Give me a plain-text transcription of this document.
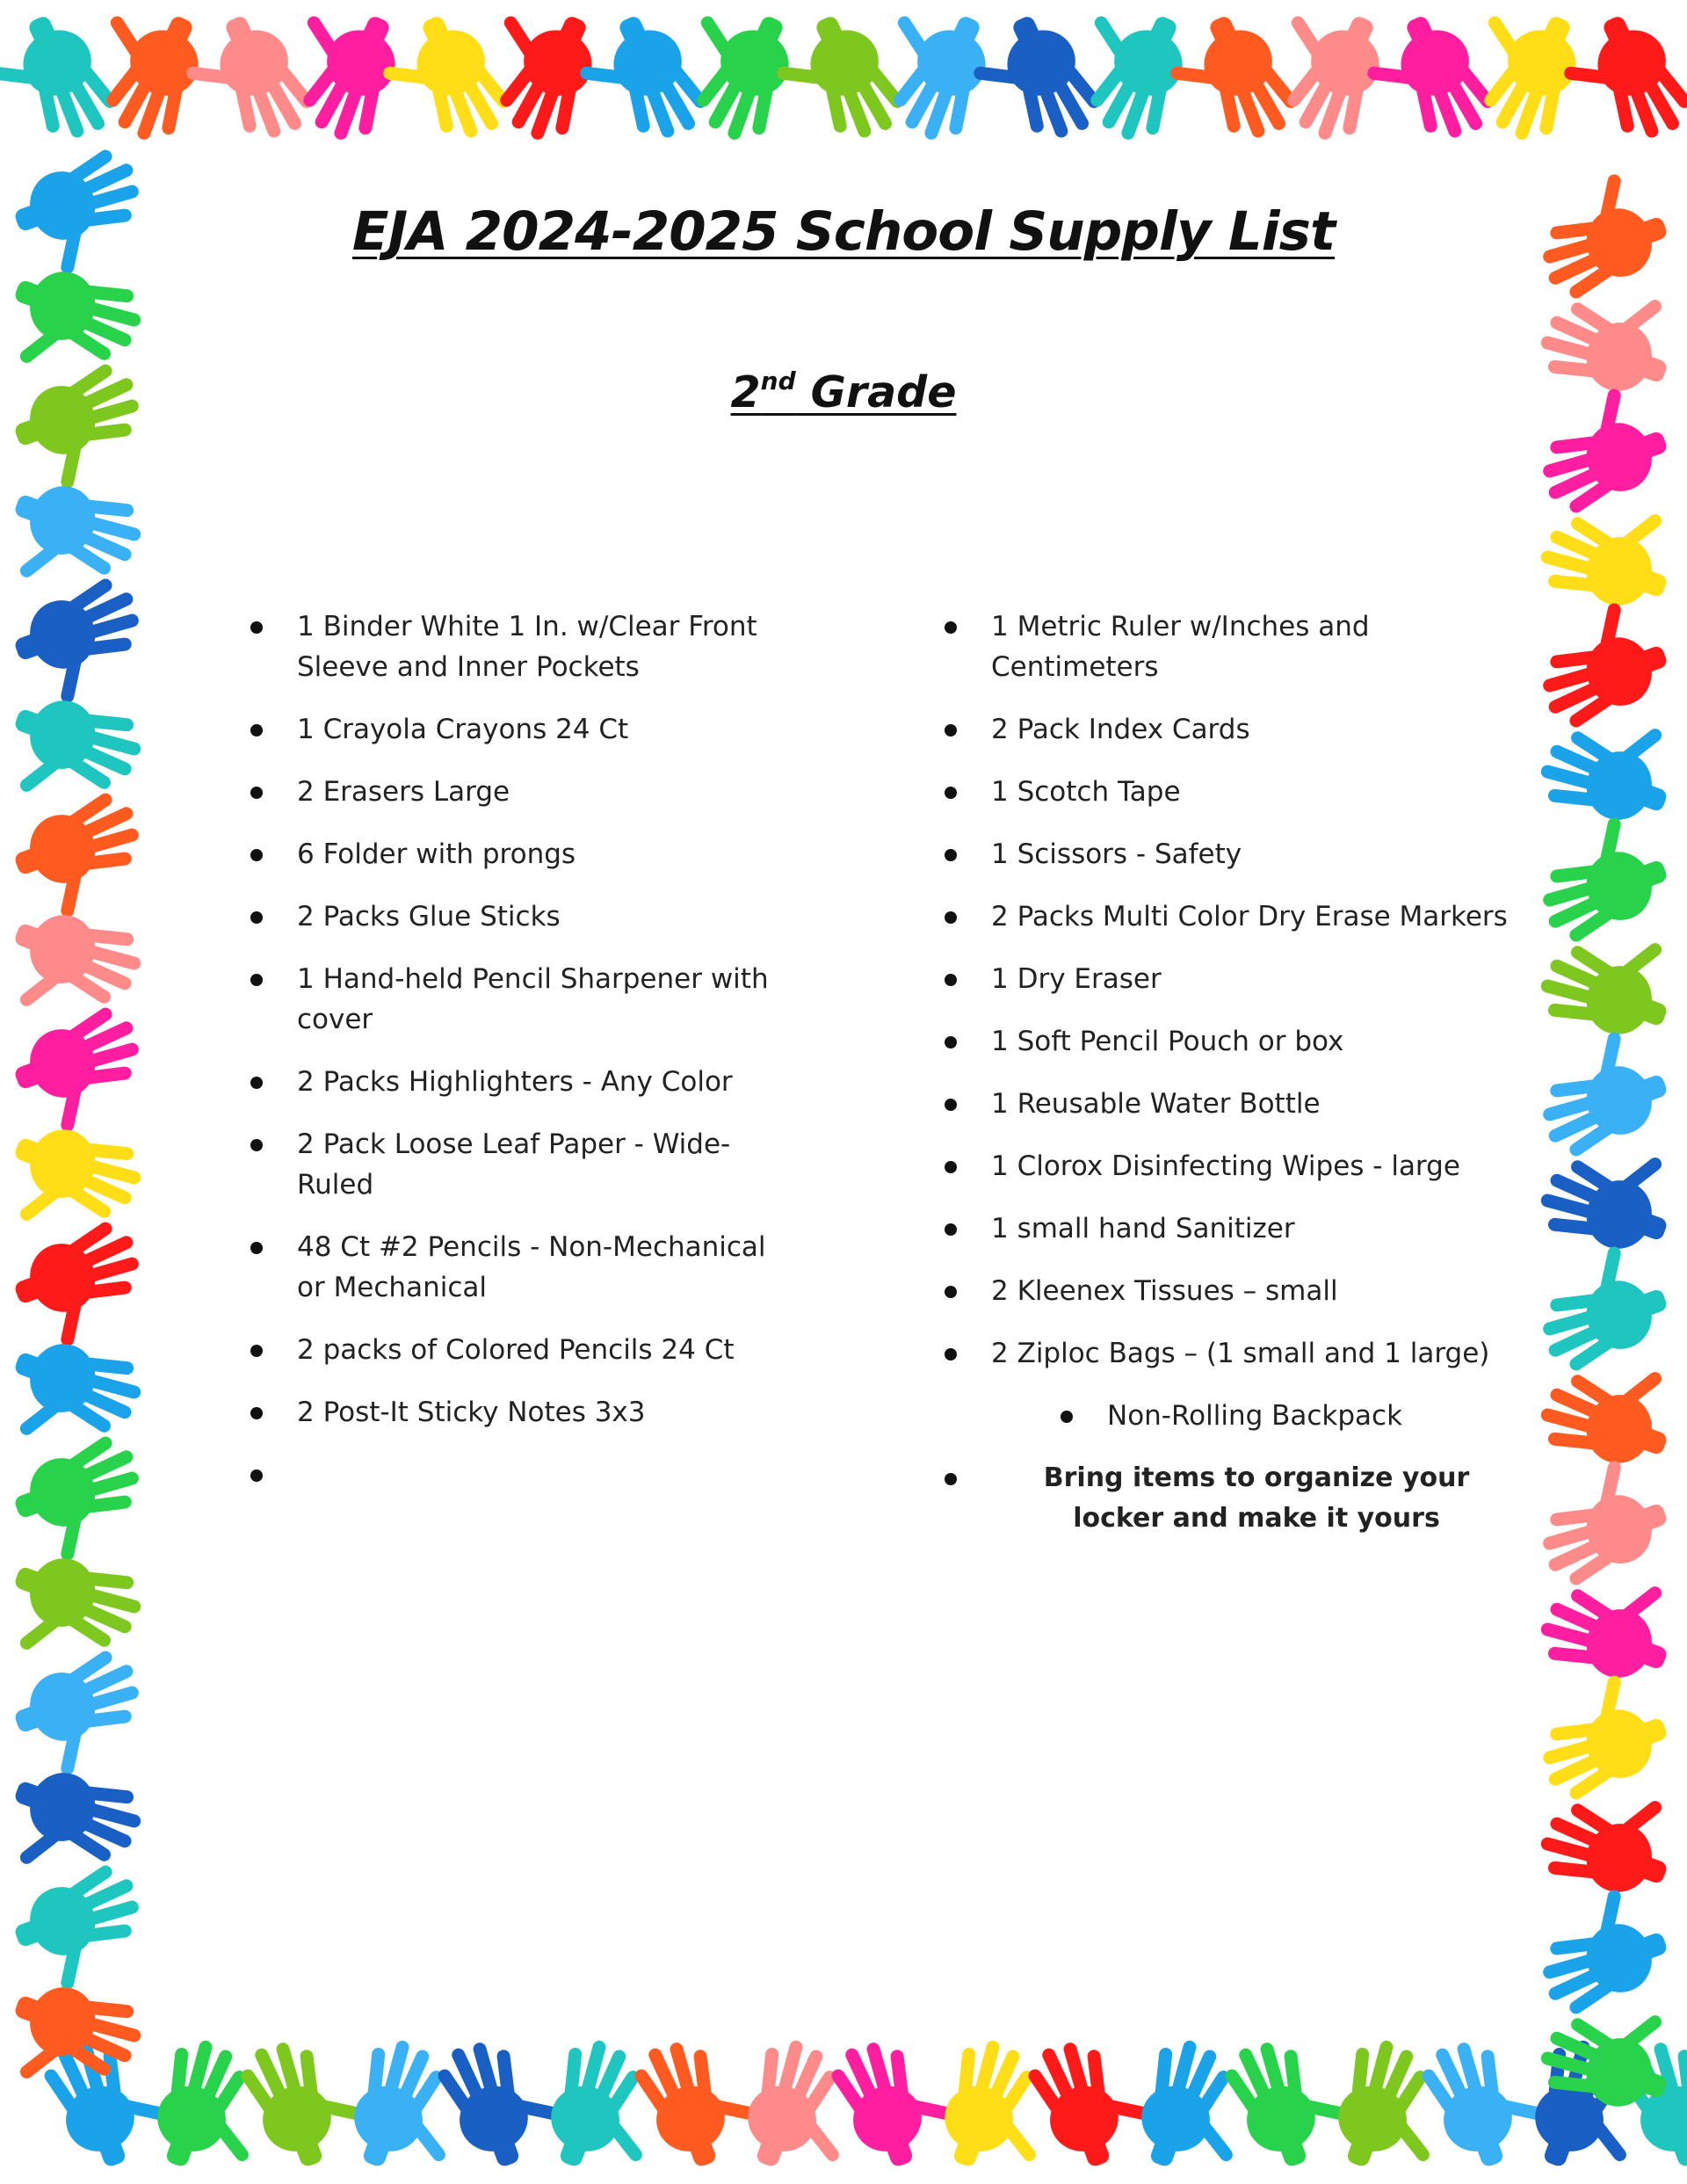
EJA 2024-2025 School Supply List
2nd Grade
1 Binder White 1 In. w/Clear Front Sleeve and Inner Pockets
1 Crayola Crayons 24 Ct
2 Erasers Large
6 Folder with prongs
2 Packs Glue Sticks
1 Hand-held Pencil Sharpener with cover
2 Packs Highlighters - Any Color
2 Pack Loose Leaf Paper - Wide-Ruled
48 Ct #2 Pencils - Non-Mechanical or Mechanical
2 packs of Colored Pencils 24 Ct
2 Post-It Sticky Notes 3x3
1 Metric Ruler w/Inches and Centimeters
2 Pack Index Cards
1 Scotch Tape
1 Scissors - Safety
2 Packs Multi Color Dry Erase Markers
1 Dry Eraser
1 Soft Pencil Pouch or box
1 Reusable Water Bottle
1 Clorox Disinfecting Wipes - large
1 small hand Sanitizer
2 Kleenex Tissues – small
2 Ziploc Bags – (1 small and 1 large)
Non-Rolling Backpack
Bring items to organize your locker and make it yours
